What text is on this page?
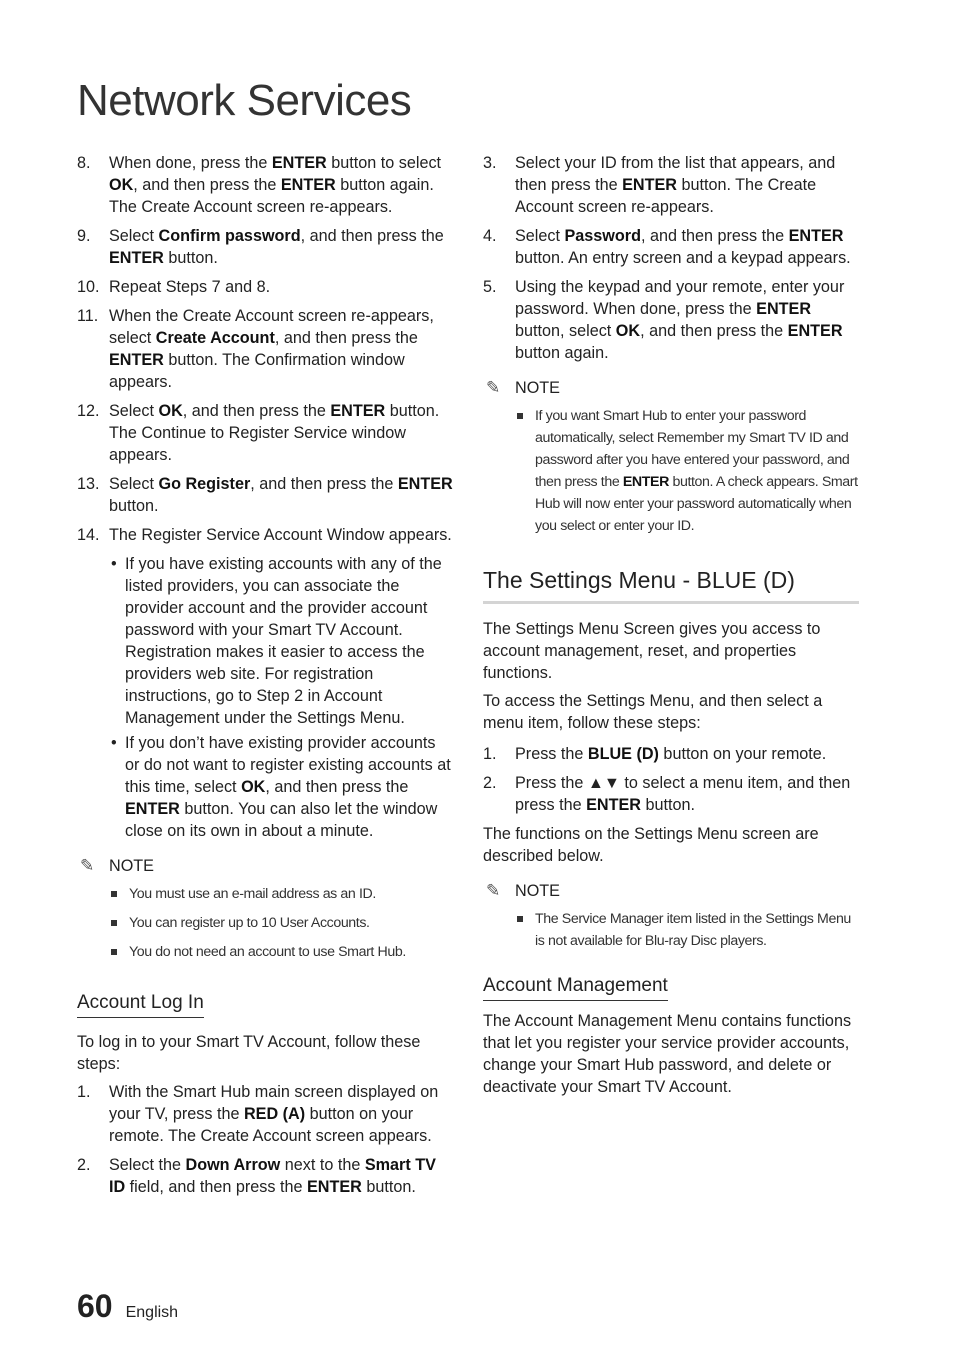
Network Services
8. When done, press the ENTER button to select OK, and then press the ENTER button again. The Create Account screen re-appears.
9. Select Confirm password, and then press the ENTER button.
10. Repeat Steps 7 and 8.
11. When the Create Account screen re-appears, select Create Account, and then press the ENTER button. The Confirmation window appears.
12. Select OK, and then press the ENTER button. The Continue to Register Service window appears.
13. Select Go Register, and then press the ENTER button.
14. The Register Service Account Window appears.
• If you have existing accounts with any of the listed providers, you can associate the provider account and the provider account password with your Smart TV Account. Registration makes it easier to access the providers web site. For registration instructions, go to Step 2 in Account Management under the Settings Menu.
• If you don’t have existing provider accounts or do not want to register existing accounts at this time, select OK, and then press the ENTER button. You can also let the window close on its own in about a minute.
✎ NOTE
You must use an e-mail address as an ID.
You can register up to 10 User Accounts.
You do not need an account to use Smart Hub.
Account Log In

To log in to your Smart TV Account, follow these steps:

1. With the Smart Hub main screen displayed on your TV, press the RED (A) button on your remote. The Create Account screen appears.
2. Select the Down Arrow next to the Smart TV ID field, and then press the ENTER button.
3. Select your ID from the list that appears, and then press the ENTER button. The Create Account screen re-appears.
4. Select Password, and then press the ENTER button. An entry screen and a keypad appears.
5. Using the keypad and your remote, enter your password. When done, press the ENTER button, select OK, and then press the ENTER button again.
✎ NOTE
If you want Smart Hub to enter your password automatically, select Remember my Smart TV ID and password after you have entered your password, and then press the ENTER button. A check appears. Smart Hub will now enter your password automatically when you select or enter your ID.
The Settings Menu - BLUE (D)

The Settings Menu Screen gives you access to account management, reset, and properties functions.

To access the Settings Menu, and then select a menu item, follow these steps:

1. Press the BLUE (D) button on your remote.
2. Press the ▲▼ to select a menu item, and then press the ENTER button.

The functions on the Settings Menu screen are described below.

✎ NOTE
The Service Manager item listed in the Settings Menu is not available for Blu-ray Disc players.
Account Management

The Account Management Menu contains functions that let you register your service provider accounts, change your Smart Hub password, and delete or deactivate your Smart TV Account.

60 English
